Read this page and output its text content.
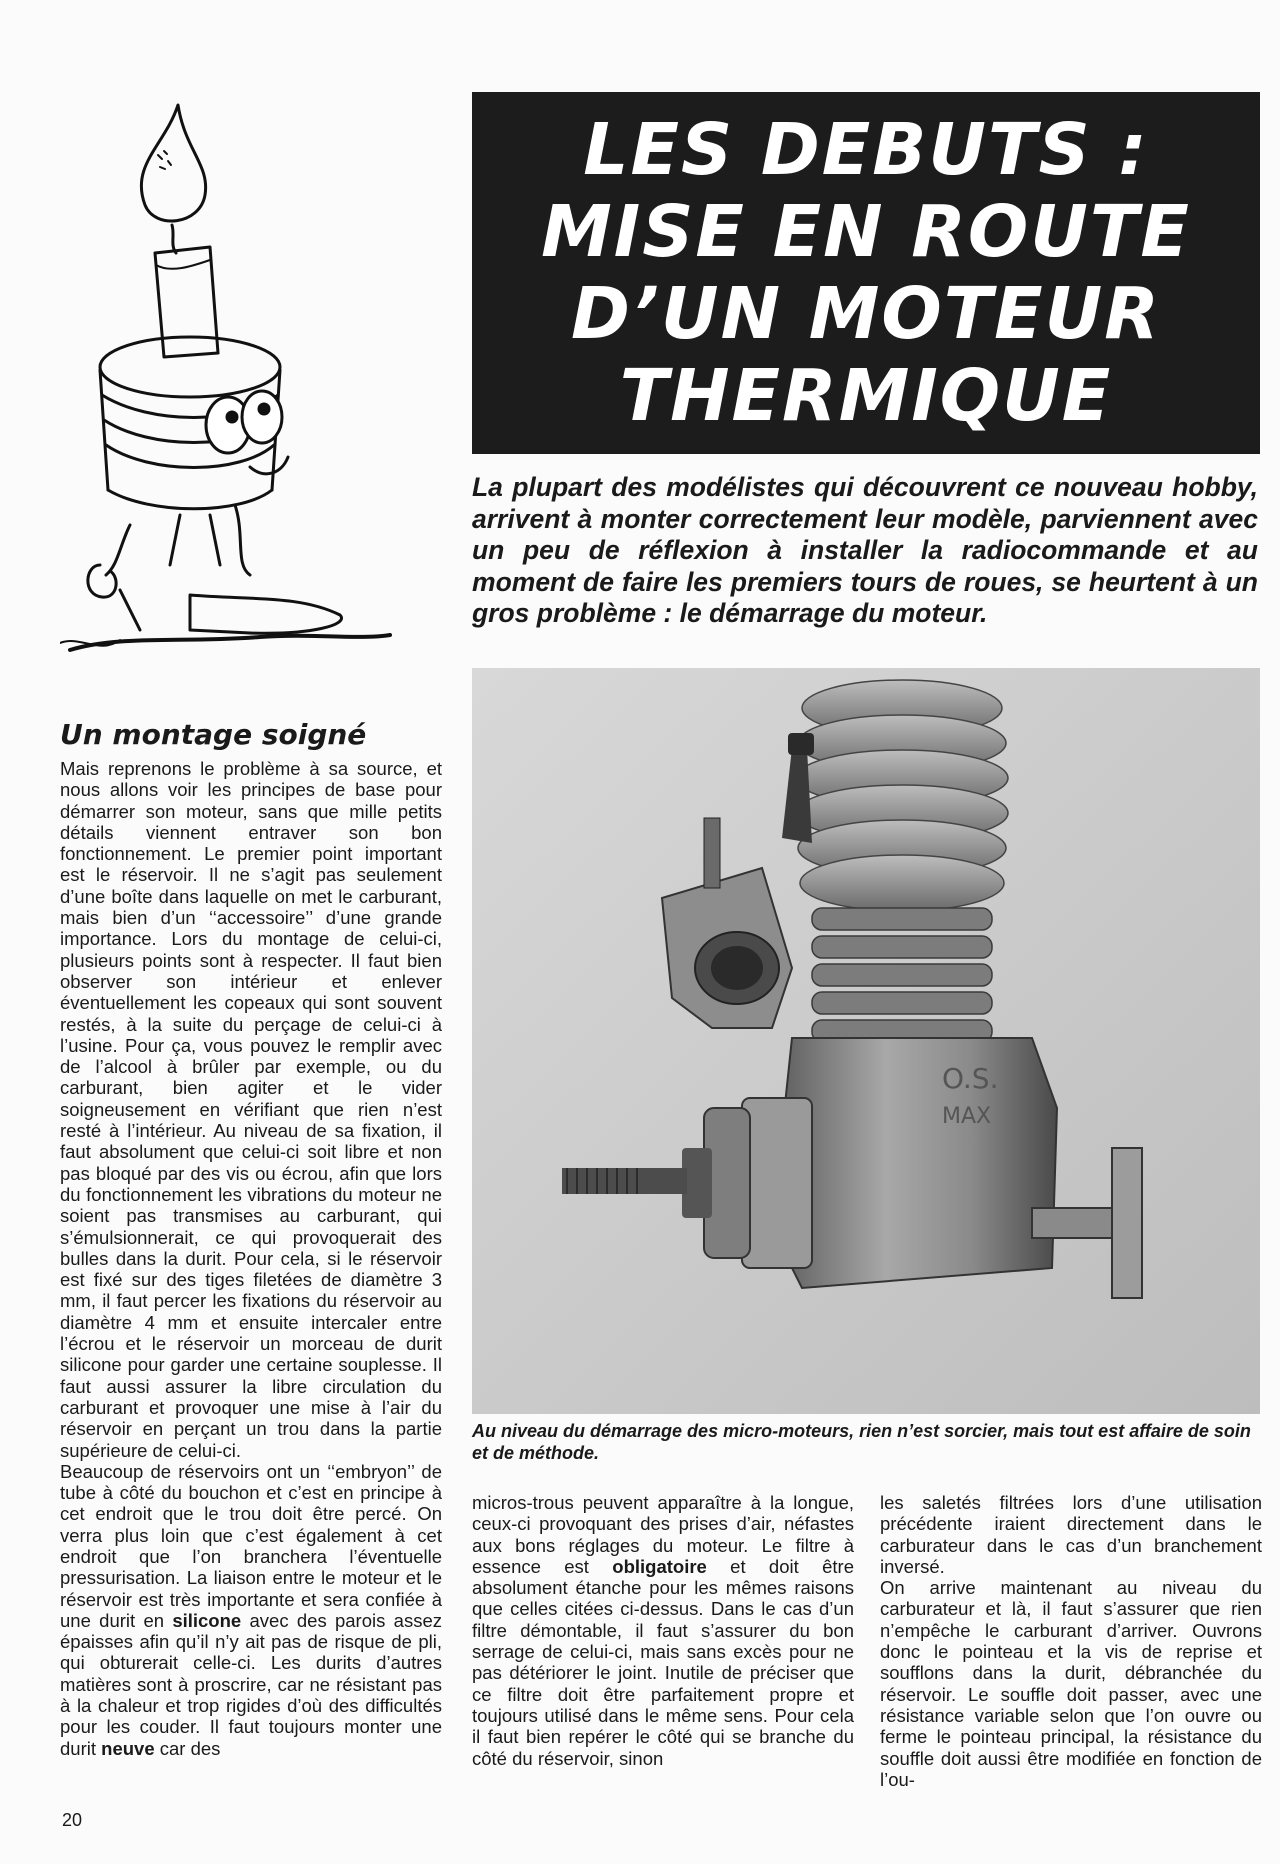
LES DEBUTS :
MISE EN ROUTE
D’UN MOTEUR
THERMIQUE

La plupart des modélistes qui découvrent ce nouveau hobby, arrivent à monter correctement leur modèle, parviennent avec un peu de réflexion à installer la radiocommande et au moment de faire les premiers tours de roues, se heurtent à un gros problème : le démarrage du moteur.

Un montage soigné

Mais reprenons le problème à sa source, et nous allons voir les principes de base pour démarrer son moteur, sans que mille petits détails viennent entraver son bon fonctionnement. Le premier point important est le réservoir. Il ne s’agit pas seulement d’une boîte dans laquelle on met le carburant, mais bien d’un ‘‘accessoire’’ d’une grande importance. Lors du montage de celui-ci, plusieurs points sont à respecter. Il faut bien observer son intérieur et enlever éventuellement les copeaux qui sont souvent restés, à la suite du perçage de celui-ci à l’usine. Pour ça, vous pouvez le remplir avec de l’alcool à brûler par exemple, ou du carburant, bien agiter et le vider soigneusement en vérifiant que rien n’est resté à l’intérieur. Au niveau de sa fixation, il faut absolument que celui-ci soit libre et non pas bloqué par des vis ou écrou, afin que lors du fonctionnement les vibrations du moteur ne soient pas transmises au carburant, qui s’émulsionnerait, ce qui provoquerait des bulles dans la durit. Pour cela, si le réservoir est fixé sur des tiges filetées de diamètre 3 mm, il faut percer les fixations du réservoir au diamètre 4 mm et ensuite intercaler entre l’écrou et le réservoir un morceau de durit silicone pour garder une certaine souplesse. Il faut aussi assurer la libre circulation du carburant et provoquer une mise à l’air du réservoir en perçant un trou dans la partie supérieure de celui-ci.

Beaucoup de réservoirs ont un ‘‘embryon’’ de tube à côté du bouchon et c’est en principe à cet endroit que le trou doit être percé. On verra plus loin que c’est également à cet endroit que l’on branchera l’éventuelle pressurisation. La liaison entre le moteur et le réservoir est très importante et sera confiée à une durit en silicone avec des parois assez épaisses afin qu’il n’y ait pas de risque de pli, qui obturerait celle-ci. Les durits d’autres matières sont à proscrire, car ne résistant pas à la chaleur et trop rigides d’où des difficultés pour les couder. Il faut toujours monter une durit neuve car des

O.S.
MAX

Au niveau du démarrage des micro-moteurs, rien n’est sorcier, mais tout est affaire de soin et de méthode.

micros-trous peuvent apparaître à la longue, ceux-ci provoquant des prises d’air, néfastes aux bons réglages du moteur. Le filtre à essence est obligatoire et doit être absolument étanche pour les mêmes raisons que celles citées ci-dessus. Dans le cas d’un filtre démontable, il faut s’assurer du bon serrage de celui-ci, mais sans excès pour ne pas détériorer le joint. Inutile de préciser que ce filtre doit être parfaitement propre et toujours utilisé dans le même sens. Pour cela il faut bien repérer le côté qui se branche du côté du réservoir, sinon

les saletés filtrées lors d’une utilisation précédente iraient directement dans le carburateur dans le cas d’un branchement inversé.

On arrive maintenant au niveau du carburateur et là, il faut s’assurer que rien n’empêche le carburant d’arriver. Ouvrons donc le pointeau et la vis de reprise et soufflons dans la durit, débranchée du réservoir. Le souffle doit passer, avec une résistance variable selon que l’on ouvre ou ferme le pointeau principal, la résistance du souffle doit aussi être modifiée en fonction de l’ou-

20
